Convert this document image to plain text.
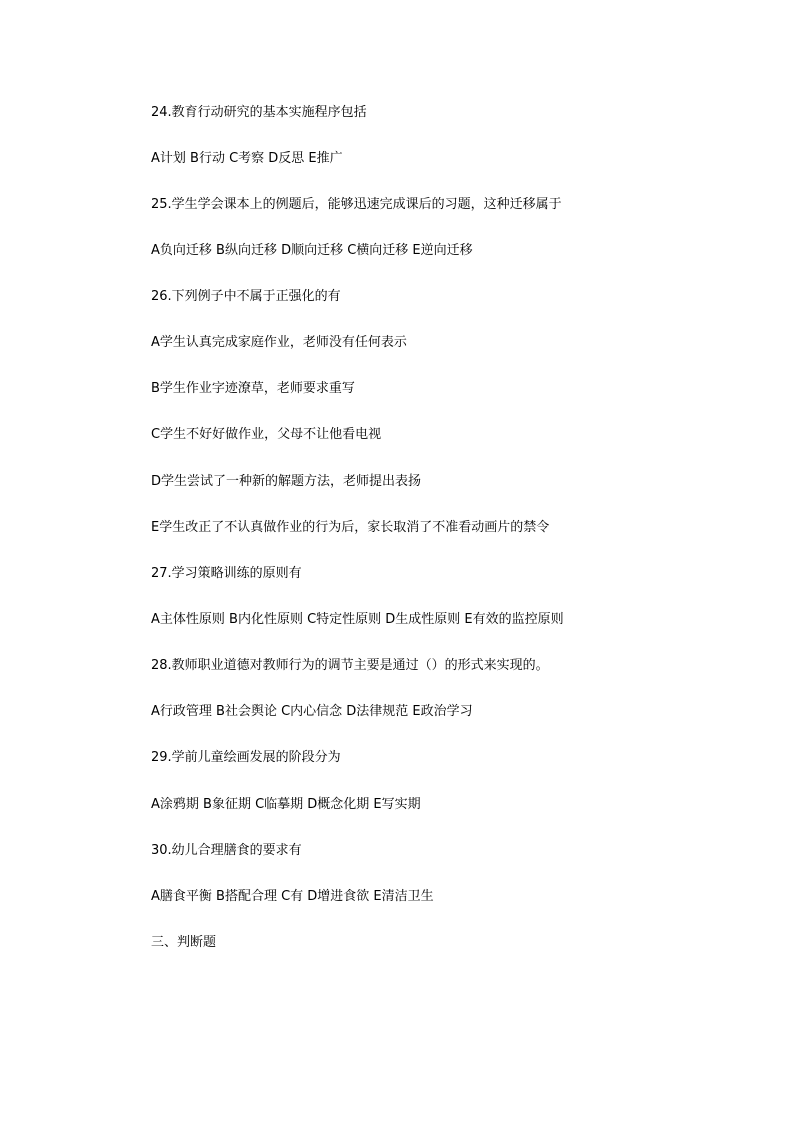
24.教育行动研究的基本实施程序包括
A计划 B行动 C考察 D反思 E推广
25.学生学会课本上的例题后，能够迅速完成课后的习题，这种迁移属于
A负向迁移 B纵向迁移 D顺向迁移 C横向迁移 E逆向迁移
26.下列例子中不属于正强化的有
A学生认真完成家庭作业，老师没有任何表示
B学生作业字迹潦草，老师要求重写
C学生不好好做作业，父母不让他看电视
D学生尝试了一种新的解题方法，老师提出表扬
E学生改正了不认真做作业的行为后，家长取消了不准看动画片的禁令
27.学习策略训练的原则有
A主体性原则 B内化性原则 C特定性原则 D生成性原则 E有效的监控原则
28.教师职业道德对教师行为的调节主要是通过（）的形式来实现的。
A行政管理 B社会舆论 C内心信念 D法律规范 E政治学习
29.学前儿童绘画发展的阶段分为
A涂鸦期 B象征期 C临摹期 D概念化期 E写实期
30.幼儿合理膳食的要求有
A膳食平衡 B搭配合理 C有 D增进食欲 E清洁卫生
三、判断题
